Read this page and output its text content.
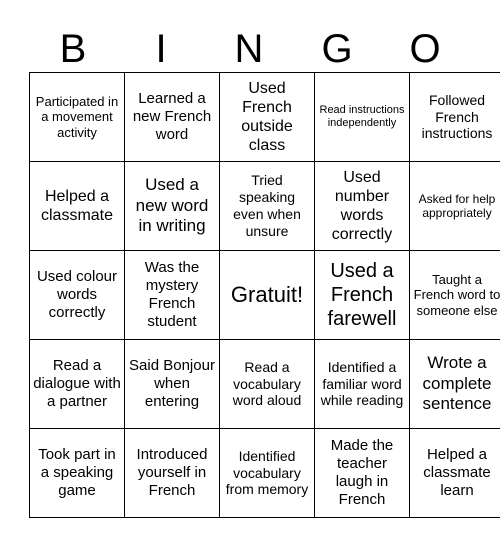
B	I	N	G	O
Participated in a movement activity	Learned a new French word	Used French outside class	Read instructions independently	Followed French instructions
Helped a classmate	Used a new word in writing	Tried speaking even when unsure	Used number words correctly	Asked for help appropriately
Used colour words correctly	Was the mystery French student	Gratuit!	Used a French farewell	Taught a French word to someone else
Read a dialogue with a partner	Said Bonjour when entering	Read a vocabulary word aloud	Identified a familiar word while reading	Wrote a complete sentence
Took part in a speaking game	Introduced yourself in French	Identified vocabulary from memory	Made the teacher laugh in French	Helped a classmate learn
